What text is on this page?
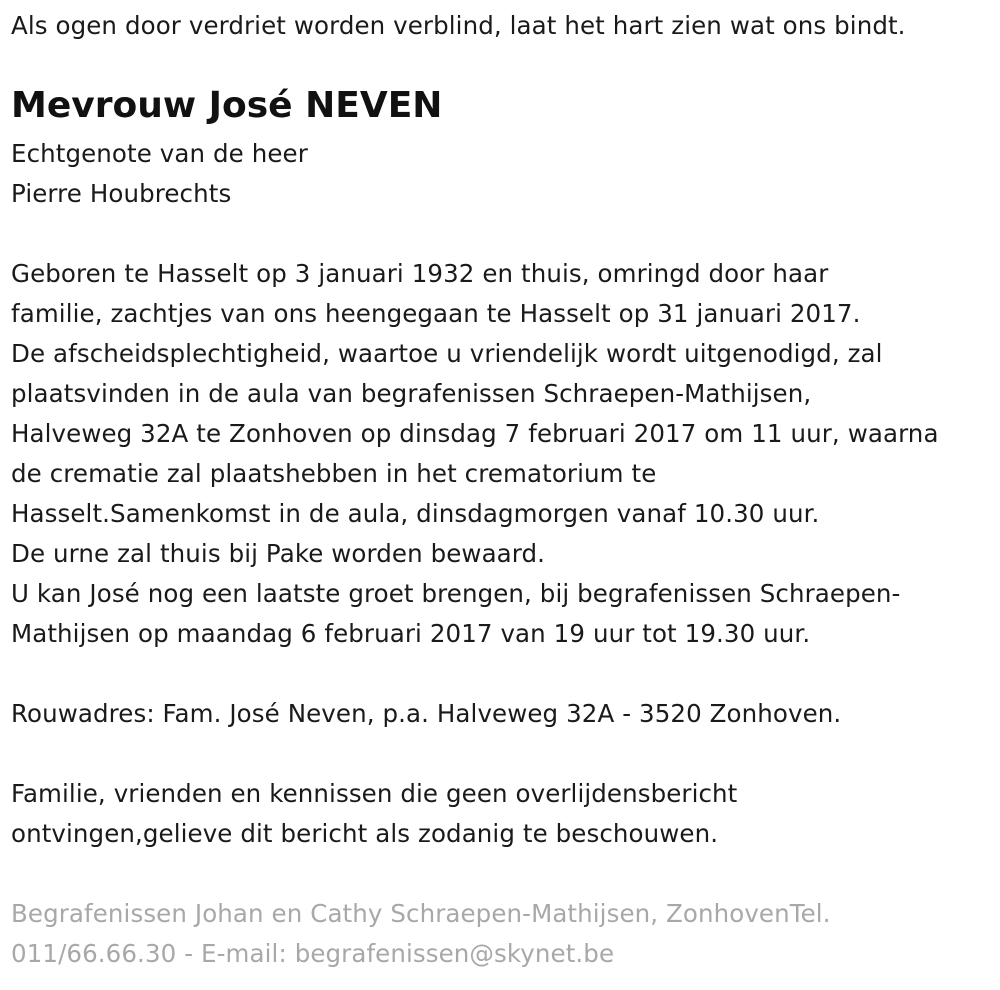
Als ogen door verdriet worden verblind, laat het hart zien wat ons bindt.
Mevrouw José NEVEN
Echtgenote van de heer
Pierre Houbrechts
Geboren te Hasselt op 3 januari 1932 en thuis, omringd door haar
familie, zachtjes van ons heengegaan te Hasselt op 31 januari 2017.
De afscheidsplechtigheid, waartoe u vriendelijk wordt uitgenodigd, zal
plaatsvinden in de aula van begrafenissen Schraepen-Mathijsen,
Halveweg 32A te Zonhoven op dinsdag 7 februari 2017 om 11 uur, waarna
de crematie zal plaatshebben in het crematorium te
Hasselt.Samenkomst in de aula, dinsdagmorgen vanaf 10.30 uur.
De urne zal thuis bij Pake worden bewaard.
U kan José nog een laatste groet brengen, bij begrafenissen Schraepen-
Mathijsen op maandag 6 februari 2017 van 19 uur tot 19.30 uur.
Rouwadres: Fam. José Neven, p.a. Halveweg 32A - 3520 Zonhoven.
Familie, vrienden en kennissen die geen overlijdensbericht
ontvingen,gelieve dit bericht als zodanig te beschouwen.
Begrafenissen Johan en Cathy Schraepen-Mathijsen, ZonhovenTel.
011/66.66.30 - E-mail: begrafenissen@skynet.be
